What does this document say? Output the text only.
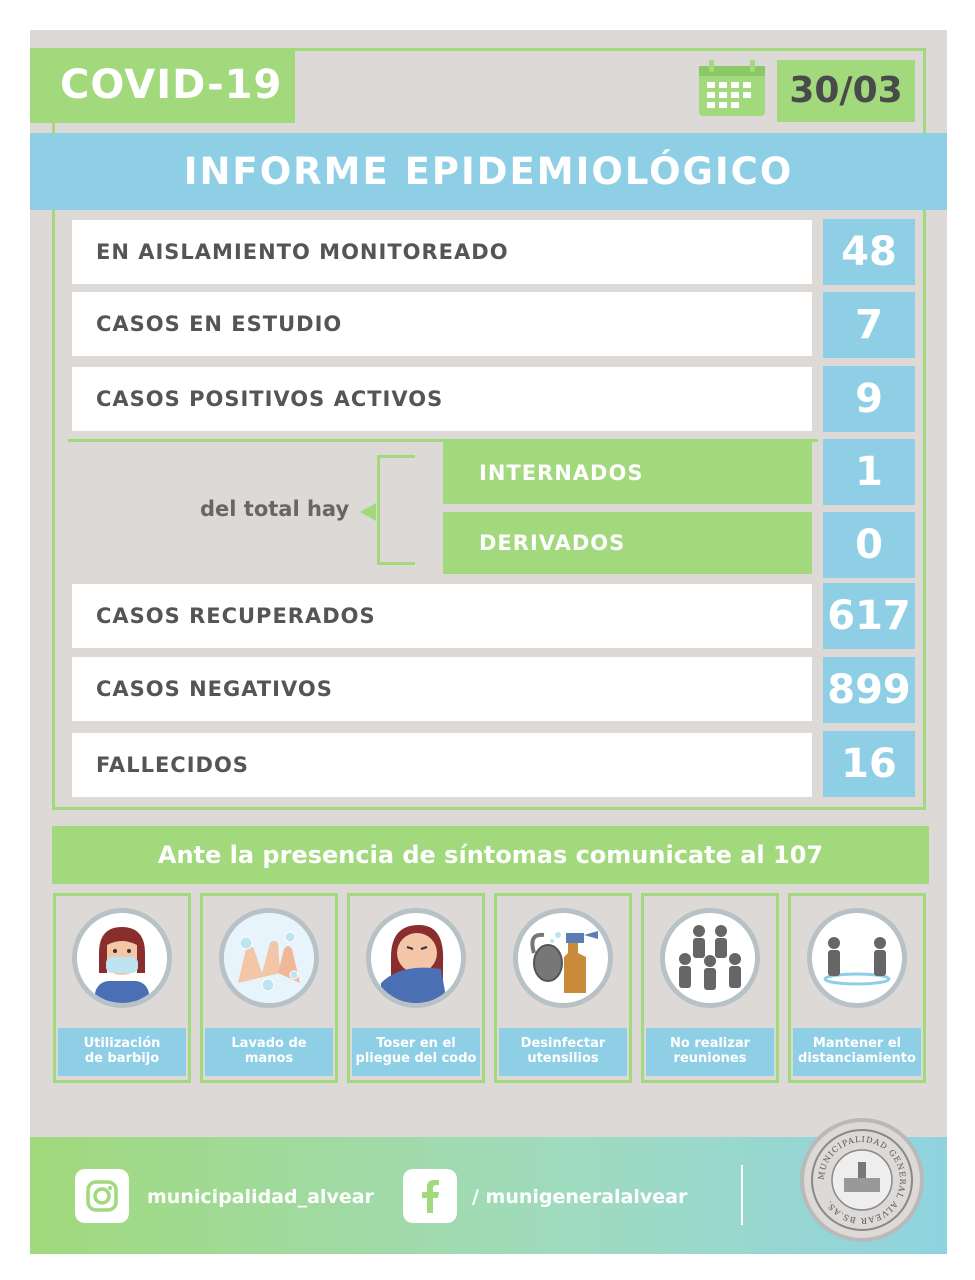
COVID-19	30/03
INFORME EPIDEMIOLÓGICO
EN AISLAMIENTO MONITOREADO	48
CASOS EN ESTUDIO	7
CASOS POSITIVOS ACTIVOS	9
del total hay
INTERNADOS	1
DERIVADOS	0
CASOS RECUPERADOS	617
CASOS NEGATIVOS	899
FALLECIDOS	16
Ante la presencia de síntomas comunicate al 107
Utilización
de barbijo
Lavado de
manos
Toser en el
pliegue del codo
Desinfectar
utensilios
No realizar
reuniones
Mantener el
distanciamiento
municipalidad_alvear	/ munigeneralalvear
MUNICIPALIDAD GENERAL ALVEAR BS.AS.
